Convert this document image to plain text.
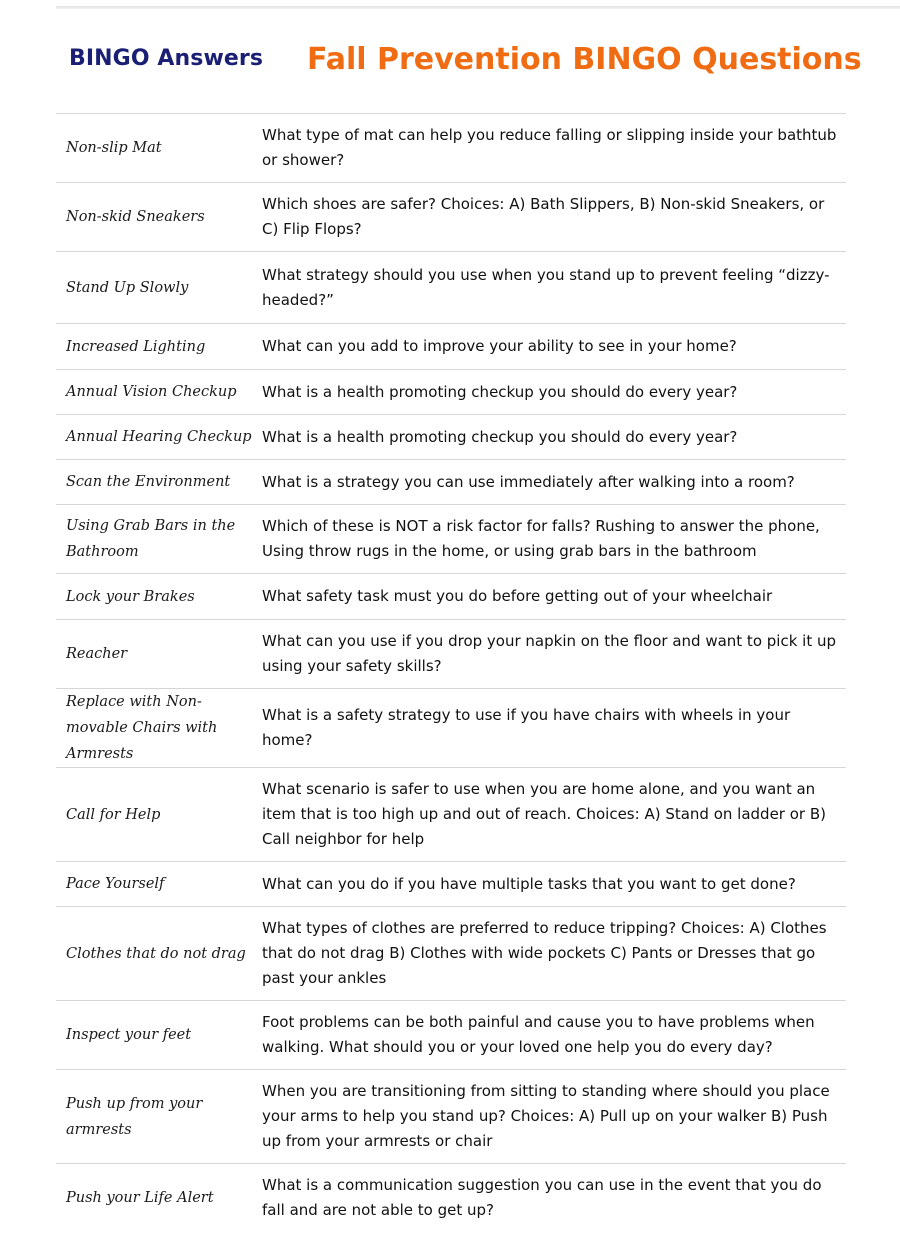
BINGO Answers Fall Prevention BINGO Questions
Non-slip Mat	What type of mat can help you reduce falling or slipping inside your bathtub or shower?
Non-skid Sneakers	Which shoes are safer? Choices: A) Bath Slippers, B) Non-skid Sneakers, or C) Flip Flops?
Stand Up Slowly	What strategy should you use when you stand up to prevent feeling “dizzy-headed?”
Increased Lighting	What can you add to improve your ability to see in your home?
Annual Vision Checkup	What is a health promoting checkup you should do every year?
Annual Hearing Checkup	What is a health promoting checkup you should do every year?
Scan the Environment	What is a strategy you can use immediately after walking into a room?
Using Grab Bars in the Bathroom	Which of these is NOT a risk factor for falls? Rushing to answer the phone, Using throw rugs in the home, or using grab bars in the bathroom
Lock your Brakes	What safety task must you do before getting out of your wheelchair
Reacher	What can you use if you drop your napkin on the floor and want to pick it up using your safety skills?
Replace with Non-movable Chairs with Armrests	What is a safety strategy to use if you have chairs with wheels in your home?
Call for Help	What scenario is safer to use when you are home alone, and you want an item that is too high up and out of reach. Choices: A) Stand on ladder or B) Call neighbor for help
Pace Yourself	What can you do if you have multiple tasks that you want to get done?
Clothes that do not drag	What types of clothes are preferred to reduce tripping? Choices: A) Clothes that do not drag B) Clothes with wide pockets C) Pants or Dresses that go past your ankles
Inspect your feet	Foot problems can be both painful and cause you to have problems when walking. What should you or your loved one help you do every day?
Push up from your armrests	When you are transitioning from sitting to standing where should you place your arms to help you stand up? Choices: A) Pull up on your walker B) Push up from your armrests or chair
Push your Life Alert	What is a communication suggestion you can use in the event that you do fall and are not able to get up?
